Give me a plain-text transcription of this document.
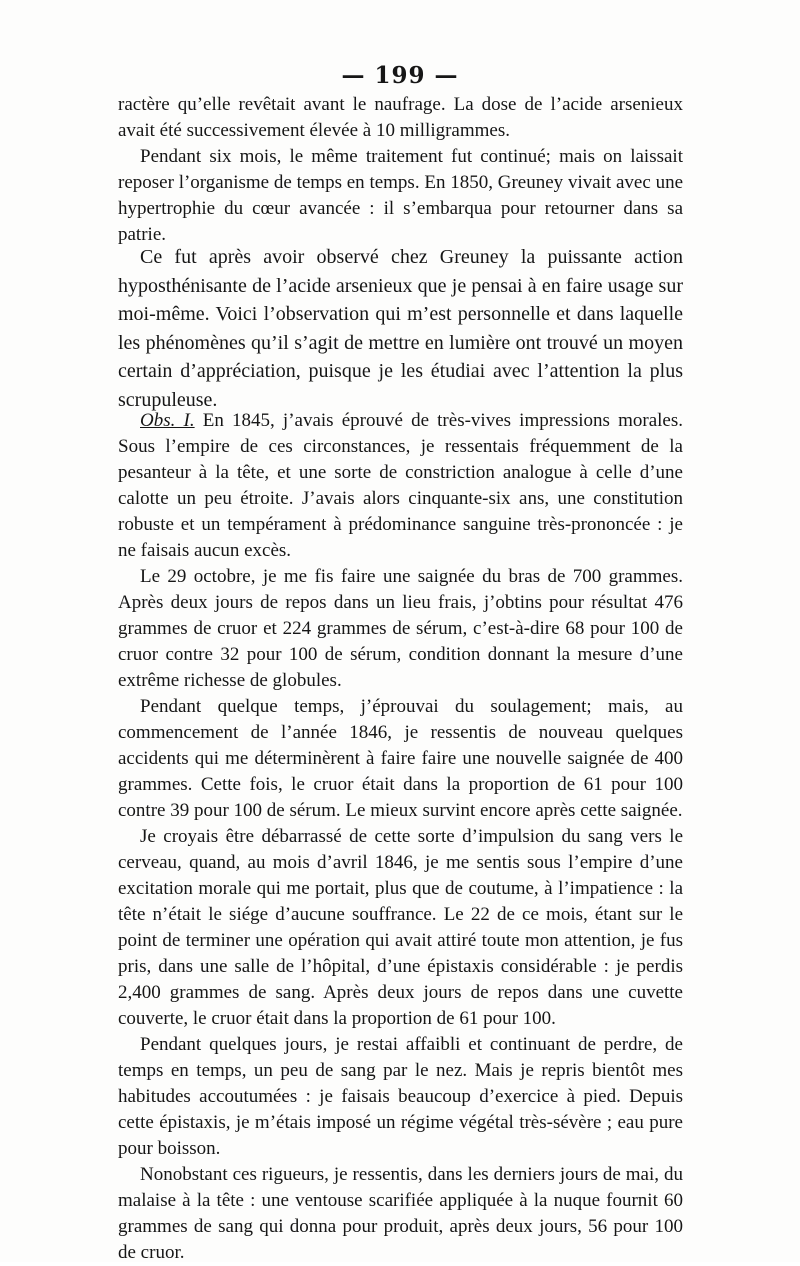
— 199 —

ractère qu’elle revêtait avant le naufrage. La dose de l’acide arsenieux avait été successivement élevée à 10 milligrammes.

Pendant six mois, le même traitement fut continué; mais on laissait reposer l’organisme de temps en temps. En 1850, Greuney vivait avec une hypertrophie du cœur avancée : il s’embarqua pour retourner dans sa patrie.

Ce fut après avoir observé chez Greuney la puissante action hyposthénisante de l’acide arsenieux que je pensai à en faire usage sur moi-même. Voici l’observation qui m’est personnelle et dans laquelle les phénomènes qu’il s’agit de mettre en lumière ont trouvé un moyen certain d’appréciation, puisque je les étudiai avec l’attention la plus scrupuleuse.

Obs. I. En 1845, j’avais éprouvé de très-vives impressions morales. Sous l’empire de ces circonstances, je ressentais fréquemment de la pesanteur à la tête, et une sorte de constriction analogue à celle d’une calotte un peu étroite. J’avais alors cinquante-six ans, une constitution robuste et un tempérament à prédominance sanguine très-prononcée : je ne faisais aucun excès.

Le 29 octobre, je me fis faire une saignée du bras de 700 grammes. Après deux jours de repos dans un lieu frais, j’obtins pour résultat 476 grammes de cruor et 224 grammes de sérum, c’est-à-dire 68 pour 100 de cruor contre 32 pour 100 de sérum, condition donnant la mesure d’une extrême richesse de globules.

Pendant quelque temps, j’éprouvai du soulagement; mais, au commencement de l’année 1846, je ressentis de nouveau quelques accidents qui me déterminèrent à faire faire une nouvelle saignée de 400 grammes. Cette fois, le cruor était dans la proportion de 61 pour 100 contre 39 pour 100 de sérum. Le mieux survint encore après cette saignée.

Je croyais être débarrassé de cette sorte d’impulsion du sang vers le cerveau, quand, au mois d’avril 1846, je me sentis sous l’empire d’une excitation morale qui me portait, plus que de coutume, à l’impatience : la tête n’était le siége d’aucune souffrance. Le 22 de ce mois, étant sur le point de terminer une opération qui avait attiré toute mon attention, je fus pris, dans une salle de l’hôpital, d’une épistaxis considérable : je perdis 2,400 grammes de sang. Après deux jours de repos dans une cuvette couverte, le cruor était dans la proportion de 61 pour 100.

Pendant quelques jours, je restai affaibli et continuant de perdre, de temps en temps, un peu de sang par le nez. Mais je repris bientôt mes habitudes accoutumées : je faisais beaucoup d’exercice à pied. Depuis cette épistaxis, je m’étais imposé un régime végétal très-sévère ; eau pure pour boisson.

Nonobstant ces rigueurs, je ressentis, dans les derniers jours de mai, du malaise à la tête : une ventouse scarifiée appliquée à la nuque fournit 60 grammes de sang qui donna pour produit, après deux jours, 56 pour 100 de cruor.
